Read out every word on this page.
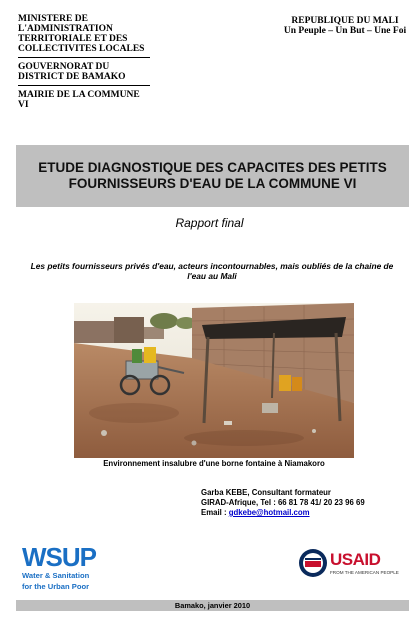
MINISTERE DE L'ADMINISTRATION TERRITORIALE ET DES COLLECTIVITES LOCALES
GOUVERNORAT DU DISTRICT DE BAMAKO
MAIRIE DE LA COMMUNE VI
REPUBLIQUE DU MALI
Un Peuple – Un But – Une Foi
ETUDE DIAGNOSTIQUE DES CAPACITES DES PETITS FOURNISSEURS D'EAU DE LA COMMUNE VI
Rapport final
Les petits fournisseurs privés d'eau, acteurs incontournables, mais oubliés de la chaine de l'eau au Mali
Environnement insalubre d'une borne fontaine à Niamakoro
Garba KEBE, Consultant formateur
GIRAD-Afrique, Tel : 66 81 78 41/ 20 23 96 69
Email : gdkebe@hotmail.com
WSUP
Water & Sanitation
for the Urban Poor
USAID
FROM THE AMERICAN PEOPLE
Bamako, janvier 2010
